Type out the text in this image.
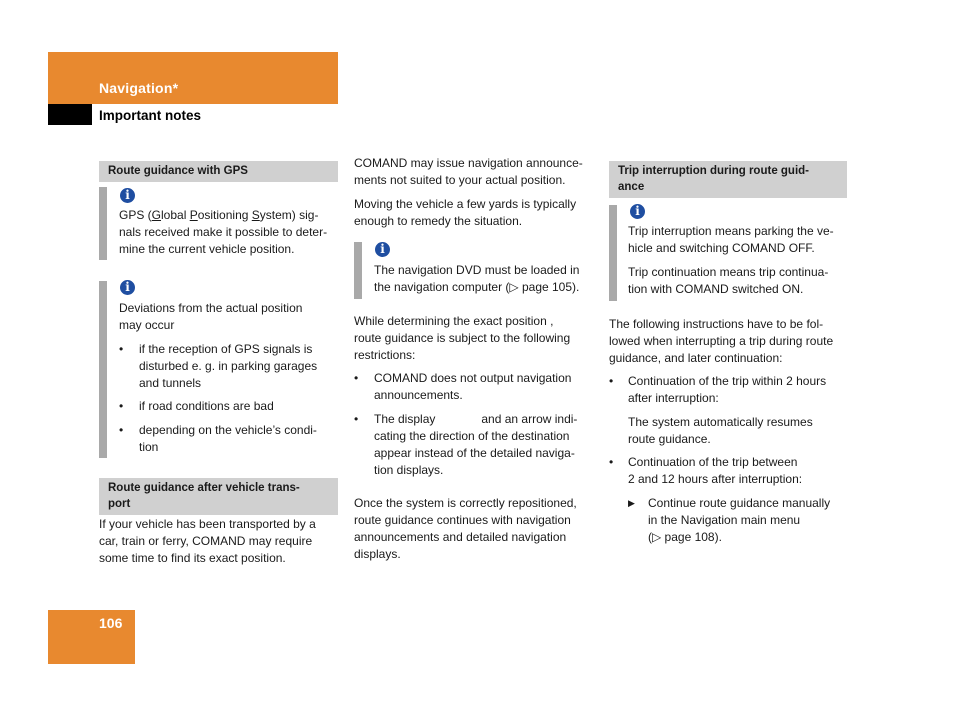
Navigation*
Important notes
Route guidance with GPS
i
GPS (Global Positioning System) sig-
nals received make it possible to deter-
mine the current vehicle position.
i
Deviations from the actual position
may occur
• if the reception of GPS signals is
disturbed e. g. in parking garages
and tunnels
• if road conditions are bad
• depending on the vehicle’s condi-
tion
Route guidance after vehicle trans-
port
If your vehicle has been transported by a
car, train or ferry, COMAND may require
some time to find its exact position.
COMAND may issue navigation announce-
ments not suited to your actual position.
Moving the vehicle a few yards is typically
enough to remedy the situation.
i
The navigation DVD must be loaded in
the navigation computer (▷ page 105).
While determining the exact position ,
route guidance is subject to the following
restrictions:
• COMAND does not output navigation
announcements.
• The display	and an arrow indi-
cating the direction of the destination
appear instead of the detailed naviga-
tion displays.
Once the system is correctly repositioned,
route guidance continues with navigation
announcements and detailed navigation
displays.
Trip interruption during route guid-
ance
i
Trip interruption means parking the ve-
hicle and switching COMAND OFF.
Trip continuation means trip continua-
tion with COMAND switched ON.
The following instructions have to be fol-
lowed when interrupting a trip during route
guidance, and later continuation:
• Continuation of the trip within 2 hours
after interruption:
The system automatically resumes
route guidance.
• Continuation of the trip between
2 and 12 hours after interruption:
▶ Continue route guidance manually
in the Navigation main menu
(▷ page 108).
106
